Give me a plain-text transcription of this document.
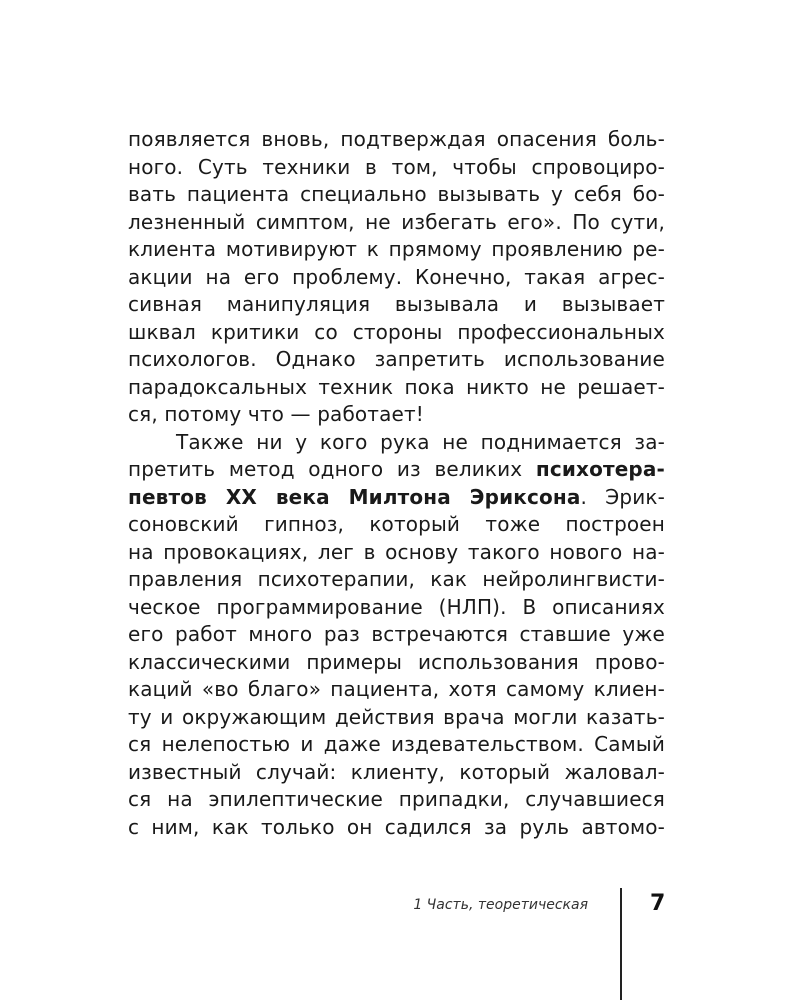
появляется вновь, подтверждая опасения боль-
ного. Суть техники в том, чтобы спровоциро-
вать пациента специально вызывать у себя бо-
лезненный симптом, не избегать его». По сути,
клиента мотивируют к прямому проявлению ре-
акции на его проблему. Конечно, такая агрес-
сивная манипуляция вызывала и вызывает
шквал критики со стороны профессиональных
психологов. Однако запретить использование
парадоксальных техник пока никто не решает-
ся, потому что — работает!
Также ни у кого рука не поднимается за-
претить метод одного из великих психотера-
певтов XX века Милтона Эриксона. Эрик-
соновский гипноз, который тоже построен
на провокациях, лег в основу такого нового на-
правления психотерапии, как нейролингвисти-
ческое программирование (НЛП). В описаниях
его работ много раз встречаются ставшие уже
классическими примеры использования прово-
каций «во благо» пациента, хотя самому клиен-
ту и окружающим действия врача могли казать-
ся нелепостью и даже издевательством. Самый
известный случай: клиенту, который жаловал-
ся на эпилептические припадки, случавшиеся
с ним, как только он садился за руль автомо-
1 Часть, теоретическая	7
